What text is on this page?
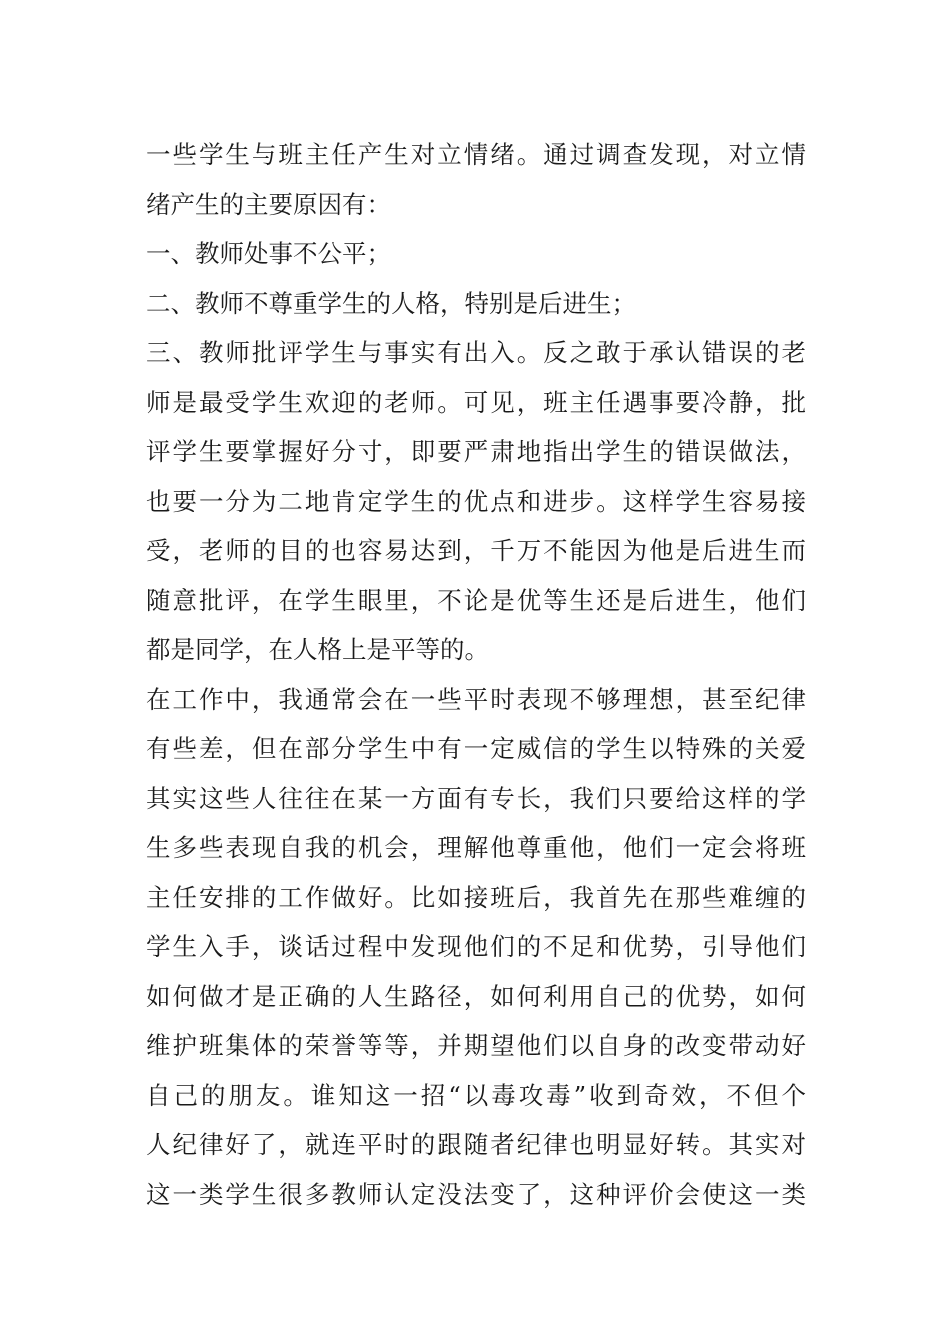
一些学生与班主任产生对立情绪。通过调查发现，对立情
绪产生的主要原因有：
一、教师处事不公平；
二、教师不尊重学生的人格，特别是后进生；
三、教师批评学生与事实有出入。反之敢于承认错误的老
师是最受学生欢迎的老师。可见，班主任遇事要冷静，批
评学生要掌握好分寸，即要严肃地指出学生的错误做法，
也要一分为二地肯定学生的优点和进步。这样学生容易接
受，老师的目的也容易达到，千万不能因为他是后进生而
随意批评，在学生眼里，不论是优等生还是后进生，他们
都是同学，在人格上是平等的。
在工作中，我通常会在一些平时表现不够理想，甚至纪律
有些差，但在部分学生中有一定威信的学生以特殊的关爱
其实这些人往往在某一方面有专长，我们只要给这样的学
生多些表现自我的机会，理解他尊重他，他们一定会将班
主任安排的工作做好。比如接班后，我首先在那些难缠的
学生入手，谈话过程中发现他们的不足和优势，引导他们
如何做才是正确的人生路径，如何利用自己的优势，如何
维护班集体的荣誉等等，并期望他们以自身的改变带动好
自己的朋友。谁知这一招“以毒攻毒”收到奇效，不但个
人纪律好了，就连平时的跟随者纪律也明显好转。其实对
这一类学生很多教师认定没法变了，这种评价会使这一类
